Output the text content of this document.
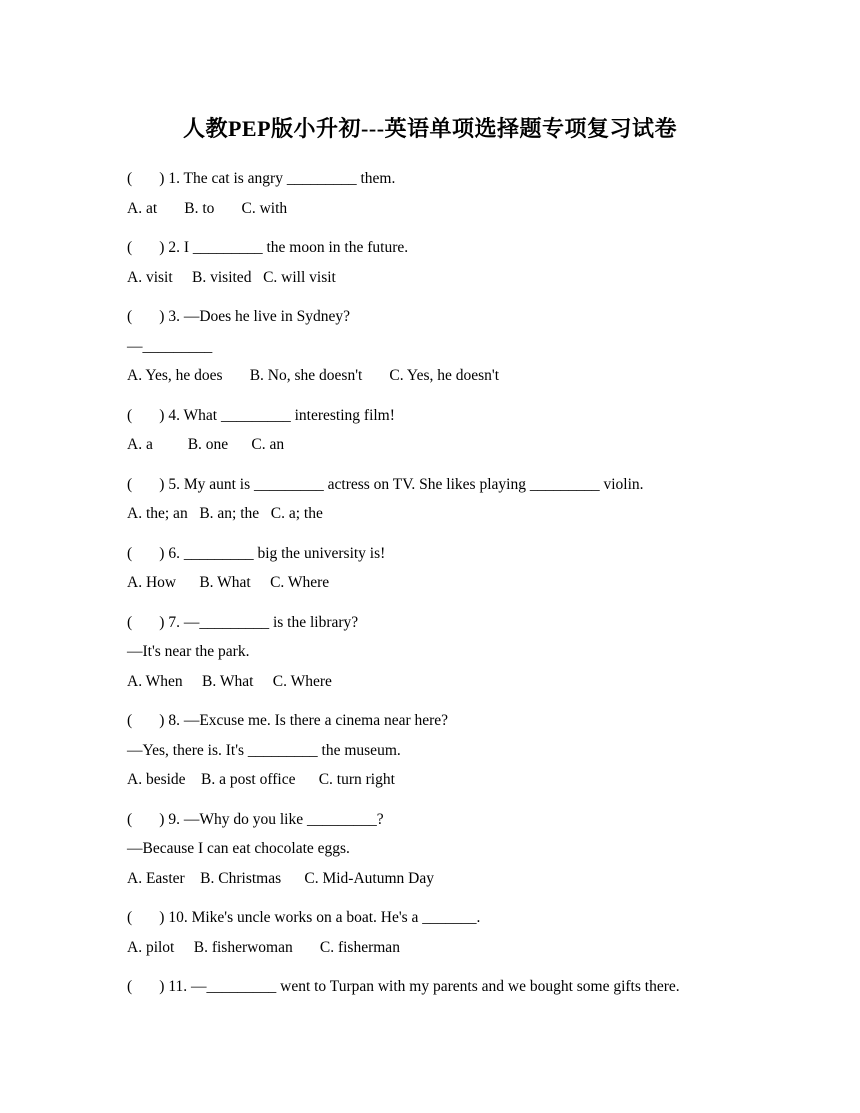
人教PEP版小升初---英语单项选择题专项复习试卷
(       ) 1. The cat is angry _________ them.
A. at       B. to       C. with
(       ) 2. I _________ the moon in the future.
A. visit     B. visited   C. will visit
(       ) 3. —Does he live in Sydney?
—_________
A. Yes, he does       B. No, she doesn't       C. Yes, he doesn't
(       ) 4. What _________ interesting film!
A. a         B. one      C. an
(       ) 5. My aunt is _________ actress on TV. She likes playing _________ violin.
A. the; an   B. an; the   C. a; the
(       ) 6. _________ big the university is!
A. How      B. What     C. Where
(       ) 7. —_________ is the library?
—It's near the park.
A. When     B. What     C. Where
(       ) 8. —Excuse me. Is there a cinema near here?
—Yes, there is. It's _________ the museum.
A. beside    B. a post office      C. turn right
(       ) 9. —Why do you like _________?
—Because I can eat chocolate eggs.
A. Easter    B. Christmas      C. Mid-Autumn Day
(       ) 10. Mike's uncle works on a boat. He's a _______.
A. pilot     B. fisherwoman       C. fisherman
(       ) 11. —_________ went to Turpan with my parents and we bought some gifts there.
